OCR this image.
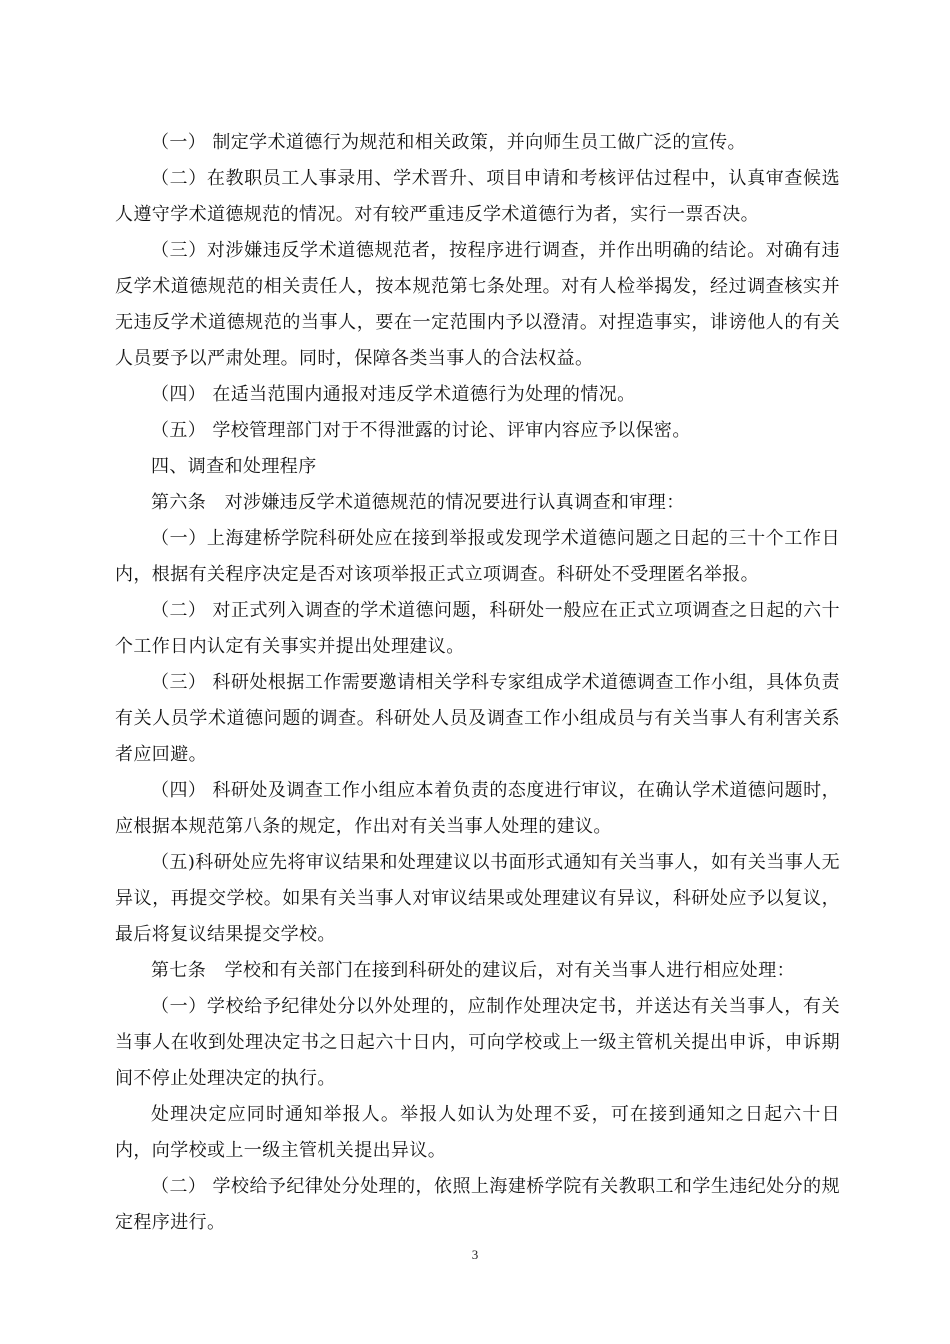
（一） 制定学术道德行为规范和相关政策，并向师生员工做广泛的宣传。

（二）在教职员工人事录用、学术晋升、项目申请和考核评估过程中，认真审查候选人遵守学术道德规范的情况。对有较严重违反学术道德行为者，实行一票否决。

（三）对涉嫌违反学术道德规范者，按程序进行调查，并作出明确的结论。对确有违反学术道德规范的相关责任人，按本规范第七条处理。对有人检举揭发，经过调查核实并无违反学术道德规范的当事人，要在一定范围内予以澄清。对捏造事实，诽谤他人的有关人员要予以严肃处理。同时，保障各类当事人的合法权益。

（四） 在适当范围内通报对违反学术道德行为处理的情况。

（五） 学校管理部门对于不得泄露的讨论、评审内容应予以保密。

四、调查和处理程序

第六条　对涉嫌违反学术道德规范的情况要进行认真调查和审理：

（一）上海建桥学院科研处应在接到举报或发现学术道德问题之日起的三十个工作日内，根据有关程序决定是否对该项举报正式立项调查。科研处不受理匿名举报。

（二） 对正式列入调查的学术道德问题，科研处一般应在正式立项调查之日起的六十个工作日内认定有关事实并提出处理建议。

（三） 科研处根据工作需要邀请相关学科专家组成学术道德调查工作小组，具体负责有关人员学术道德问题的调查。科研处人员及调查工作小组成员与有关当事人有利害关系者应回避。

（四） 科研处及调查工作小组应本着负责的态度进行审议，在确认学术道德问题时，应根据本规范第八条的规定，作出对有关当事人处理的建议。

（五)科研处应先将审议结果和处理建议以书面形式通知有关当事人，如有关当事人无异议，再提交学校。如果有关当事人对审议结果或处理建议有异议，科研处应予以复议，最后将复议结果提交学校。

第七条　学校和有关部门在接到科研处的建议后，对有关当事人进行相应处理：

（一）学校给予纪律处分以外处理的，应制作处理决定书，并送达有关当事人，有关当事人在收到处理决定书之日起六十日内，可向学校或上一级主管机关提出申诉，申诉期间不停止处理决定的执行。

处理决定应同时通知举报人。举报人如认为处理不妥，可在接到通知之日起六十日内，向学校或上一级主管机关提出异议。

（二） 学校给予纪律处分处理的，依照上海建桥学院有关教职工和学生违纪处分的规定程序进行。

3
